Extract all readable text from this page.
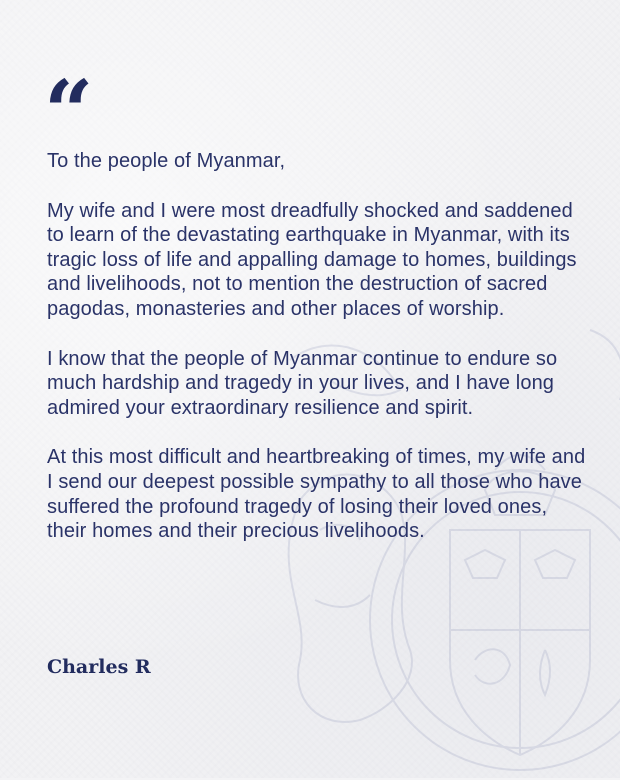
“

To the people of Myanmar,

My wife and I were most dreadfully shocked and saddened to learn of the devastating earthquake in Myanmar, with its tragic loss of life and appalling damage to homes, buildings and livelihoods, not to mention the destruction of sacred pagodas, monasteries and other places of worship.

I know that the people of Myanmar continue to endure so much hardship and tragedy in your lives, and I have long admired your extraordinary resilience and spirit.

At this most difficult and heartbreaking of times, my wife and I send our deepest possible sympathy to all those who have suffered the profound tragedy of losing their loved ones, their homes and their precious livelihoods.

Charles R
